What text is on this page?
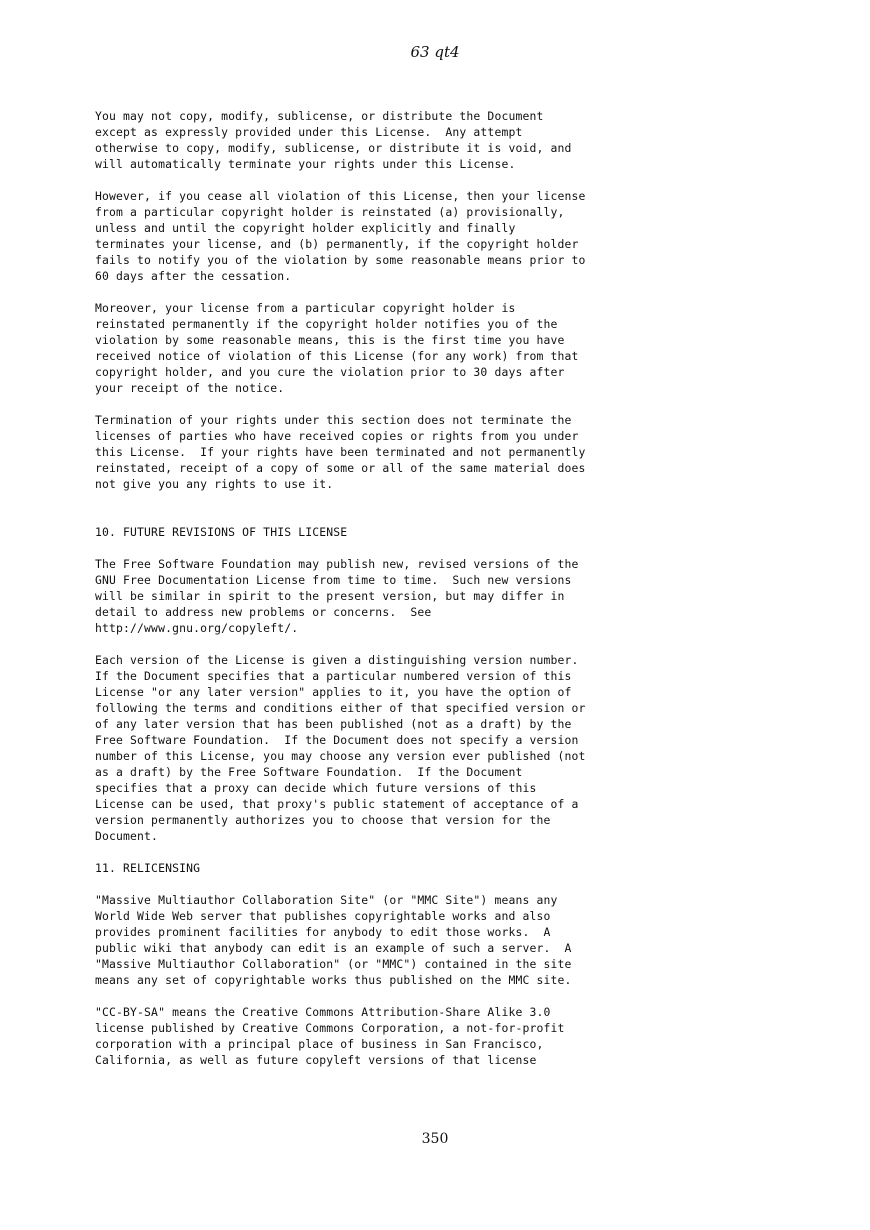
63 qt4

You may not copy, modify, sublicense, or distribute the Document
except as expressly provided under this License.  Any attempt
otherwise to copy, modify, sublicense, or distribute it is void, and
will automatically terminate your rights under this License.

However, if you cease all violation of this License, then your license
from a particular copyright holder is reinstated (a) provisionally,
unless and until the copyright holder explicitly and finally
terminates your license, and (b) permanently, if the copyright holder
fails to notify you of the violation by some reasonable means prior to
60 days after the cessation.

Moreover, your license from a particular copyright holder is
reinstated permanently if the copyright holder notifies you of the
violation by some reasonable means, this is the first time you have
received notice of violation of this License (for any work) from that
copyright holder, and you cure the violation prior to 30 days after
your receipt of the notice.

Termination of your rights under this section does not terminate the
licenses of parties who have received copies or rights from you under
this License.  If your rights have been terminated and not permanently
reinstated, receipt of a copy of some or all of the same material does
not give you any rights to use it.

10. FUTURE REVISIONS OF THIS LICENSE

The Free Software Foundation may publish new, revised versions of the
GNU Free Documentation License from time to time.  Such new versions
will be similar in spirit to the present version, but may differ in
detail to address new problems or concerns.  See
http://www.gnu.org/copyleft/.

Each version of the License is given a distinguishing version number.
If the Document specifies that a particular numbered version of this
License "or any later version" applies to it, you have the option of
following the terms and conditions either of that specified version or
of any later version that has been published (not as a draft) by the
Free Software Foundation.  If the Document does not specify a version
number of this License, you may choose any version ever published (not
as a draft) by the Free Software Foundation.  If the Document
specifies that a proxy can decide which future versions of this
License can be used, that proxy's public statement of acceptance of a
version permanently authorizes you to choose that version for the
Document.

11. RELICENSING

"Massive Multiauthor Collaboration Site" (or "MMC Site") means any
World Wide Web server that publishes copyrightable works and also
provides prominent facilities for anybody to edit those works.  A
public wiki that anybody can edit is an example of such a server.  A
"Massive Multiauthor Collaboration" (or "MMC") contained in the site
means any set of copyrightable works thus published on the MMC site.

"CC-BY-SA" means the Creative Commons Attribution-Share Alike 3.0
license published by Creative Commons Corporation, a not-for-profit
corporation with a principal place of business in San Francisco,
California, as well as future copyleft versions of that license

350
